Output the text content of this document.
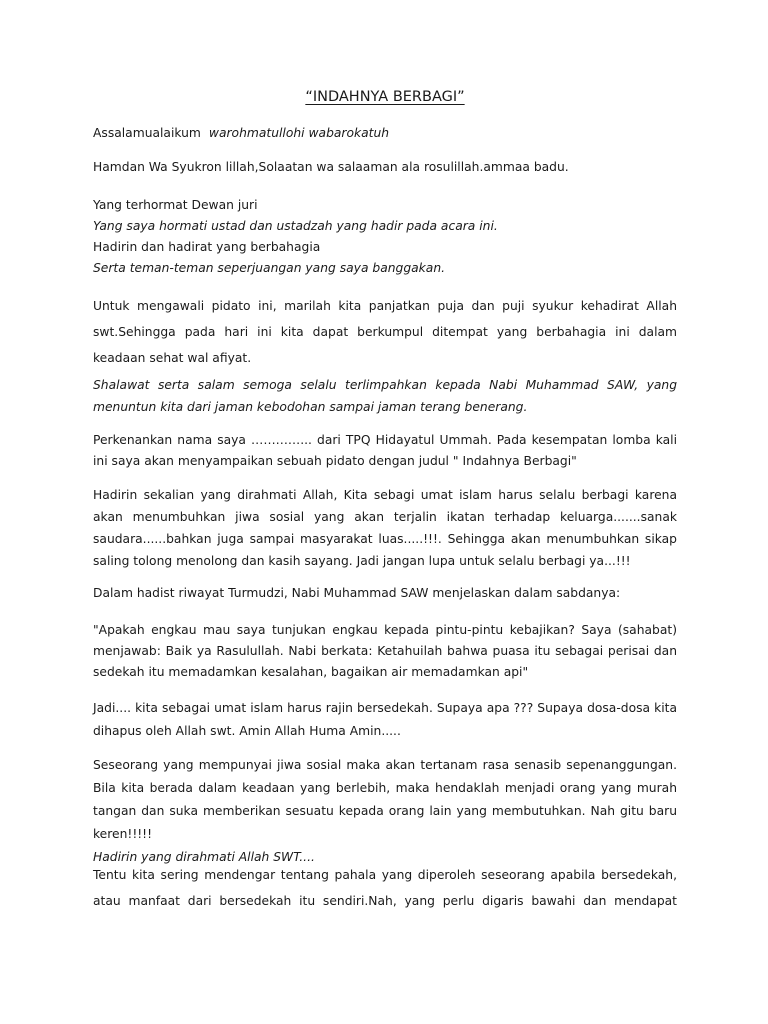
“INDAHNYA BERBAGI”

Assalamualaikum warohmatullohi wabarokatuh

Hamdan Wa Syukron lillah,Solaatan wa salaaman ala rosulillah.ammaa badu.

Yang terhormat Dewan juri
Yang saya hormati ustad dan ustadzah yang hadir pada acara ini.
Hadirin dan hadirat yang berbahagia
Serta teman-teman seperjuangan yang saya banggakan.

Untuk mengawali pidato ini, marilah kita panjatkan puja dan puji syukur kehadirat Allah swt.Sehingga pada hari ini kita dapat berkumpul ditempat yang berbahagia ini dalam keadaan sehat wal afiyat.

Shalawat serta salam semoga selalu terlimpahkan kepada Nabi Muhammad SAW, yang menuntun kita dari jaman kebodohan sampai jaman terang benerang.

Perkenankan nama saya …………... dari TPQ Hidayatul Ummah. Pada kesempatan lomba kali ini saya akan menyampaikan sebuah pidato dengan judul " Indahnya Berbagi"

Hadirin sekalian yang dirahmati Allah, Kita sebagi umat islam harus selalu berbagi karena akan menumbuhkan jiwa sosial yang akan terjalin ikatan terhadap keluarga.......sanak saudara......bahkan juga sampai masyarakat luas.....!!!. Sehingga akan menumbuhkan sikap saling tolong menolong dan kasih sayang. Jadi jangan lupa untuk selalu berbagi ya...!!!

Dalam hadist riwayat Turmudzi, Nabi Muhammad SAW menjelaskan dalam sabdanya:

"Apakah engkau mau saya tunjukan engkau kepada pintu-pintu kebajikan? Saya (sahabat) menjawab: Baik ya Rasulullah. Nabi berkata: Ketahuilah bahwa puasa itu sebagai perisai dan sedekah itu memadamkan kesalahan, bagaikan air memadamkan api"

Jadi.... kita sebagai umat islam harus rajin bersedekah. Supaya apa ??? Supaya dosa-dosa kita dihapus oleh Allah swt. Amin Allah Huma Amin.....

Seseorang yang mempunyai jiwa sosial maka akan tertanam rasa senasib sepenanggungan. Bila kita berada dalam keadaan yang berlebih, maka hendaklah menjadi orang yang murah tangan dan suka memberikan sesuatu kepada orang lain yang membutuhkan. Nah gitu baru keren!!!!!

Hadirin yang dirahmati Allah SWT....

Tentu kita sering mendengar tentang pahala yang diperoleh seseorang apabila bersedekah,

atau manfaat dari bersedekah itu sendiri.Nah, yang perlu digaris bawahi dan mendapat
